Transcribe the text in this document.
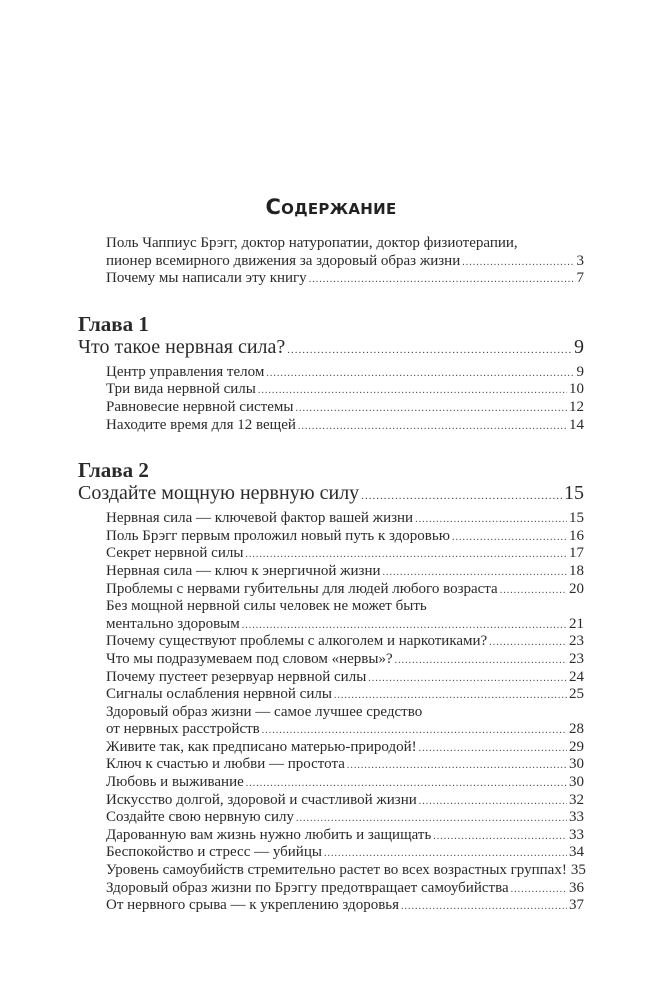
Содержание
Поль Чаппиус Брэгг, доктор натуропатии, доктор физиотерапии,
пионер всемирного движения за здоровый образ жизни .....	3
Почему мы написали эту книгу .....	7
Глава 1
Что такое нервная сила? .....	9
Центр управления телом .....	9
Три вида нервной силы .....	10
Равновесие нервной системы .....	12
Находите время для 12 вещей .....	14
Глава 2
Создайте мощную нервную силу .....	15
Нервная сила — ключевой фактор вашей жизни .....	15
Поль Брэгг первым проложил новый путь к здоровью .....	16
Секрет нервной силы .....	17
Нервная сила — ключ к энергичной жизни .....	18
Проблемы с нервами губительны для людей любого возраста .....	20
Без мощной нервной силы человек не может быть
ментально здоровым .....	21
Почему существуют проблемы с алкоголем и наркотиками? .....	23
Что мы подразумеваем под словом «нервы»? .....	23
Почему пустеет резервуар нервной силы .....	24
Сигналы ослабления нервной силы .....	25
Здоровый образ жизни — самое лучшее средство
от нервных расстройств .....	28
Живите так, как предписано матерью-природой! .....	29
Ключ к счастью и любви — простота .....	30
Любовь и выживание .....	30
Искусство долгой, здоровой и счастливой жизни .....	32
Создайте свою нервную силу .....	33
Дарованную вам жизнь нужно любить и защищать .....	33
Беспокойство и стресс — убийцы .....	34
Уровень самоубийств стремительно растет во всех возрастных группах! 35
Здоровый образ жизни по Брэггу предотвращает самоубийства .....	36
От нервного срыва — к укреплению здоровья .....	37
